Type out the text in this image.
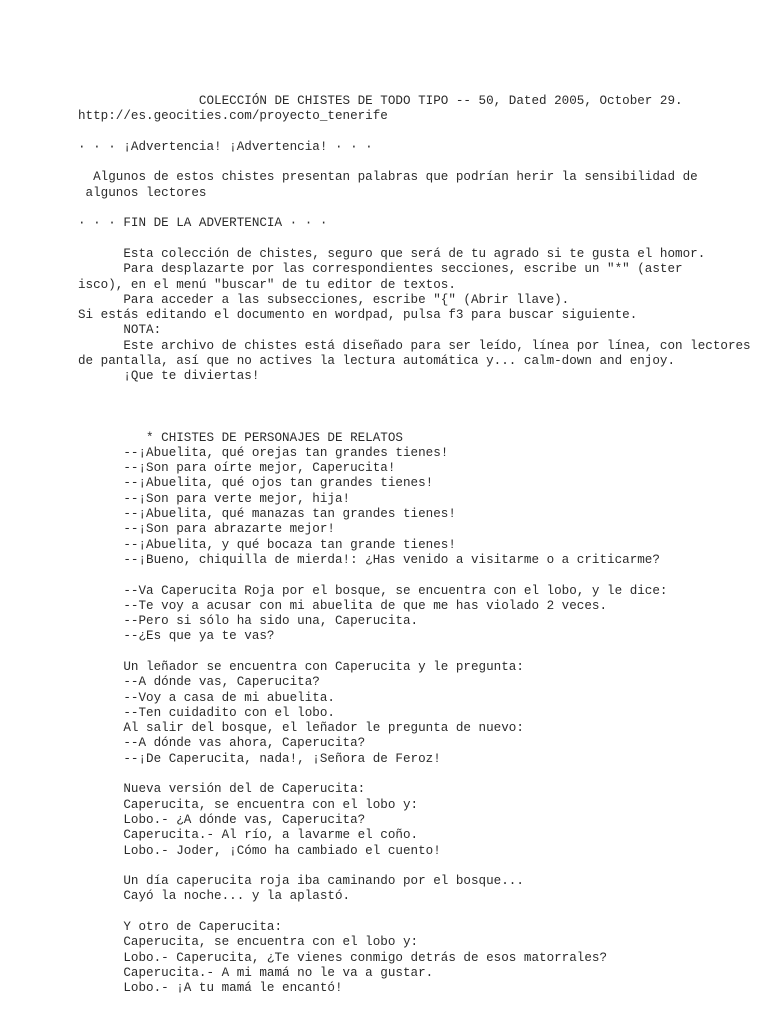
COLECCIÓN DE CHISTES DE TODO TIPO -- 50, Dated 2005, October 29.
http://es.geocities.com/proyecto_tenerife
· · · ¡Advertencia! ¡Advertencia! · · ·
Algunos de estos chistes presentan palabras que podrían herir la sensibilidad de
algunos lectores
· · · FIN DE LA ADVERTENCIA · · ·
Esta colección de chistes, seguro que será de tu agrado si te gusta el homor.
Para desplazarte por las correspondientes secciones, escribe un "*" (aster
isco), en el menú "buscar" de tu editor de textos.
Para acceder a las subsecciones, escribe "{" (Abrir llave).
Si estás editando el documento en wordpad, pulsa f3 para buscar siguiente.
NOTA:
Este archivo de chistes está diseñado para ser leído, línea por línea, con lectores
de pantalla, así que no actives la lectura automática y... calm-down and enjoy.
¡Que te diviertas!
* CHISTES DE PERSONAJES DE RELATOS
--¡Abuelita, qué orejas tan grandes tienes!
--¡Son para oírte mejor, Caperucita!
--¡Abuelita, qué ojos tan grandes tienes!
--¡Son para verte mejor, hija!
--¡Abuelita, qué manazas tan grandes tienes!
--¡Son para abrazarte mejor!
--¡Abuelita, y qué bocaza tan grande tienes!
--¡Bueno, chiquilla de mierda!: ¿Has venido a visitarme o a criticarme?
--Va Caperucita Roja por el bosque, se encuentra con el lobo, y le dice:
--Te voy a acusar con mi abuelita de que me has violado 2 veces.
--Pero si sólo ha sido una, Caperucita.
--¿Es que ya te vas?
Un leñador se encuentra con Caperucita y le pregunta:
--A dónde vas, Caperucita?
--Voy a casa de mi abuelita.
--Ten cuidadito con el lobo.
Al salir del bosque, el leñador le pregunta de nuevo:
--A dónde vas ahora, Caperucita?
--¡De Caperucita, nada!, ¡Señora de Feroz!
Nueva versión del de Caperucita:
Caperucita, se encuentra con el lobo y:
Lobo.- ¿A dónde vas, Caperucita?
Caperucita.- Al río, a lavarme el coño.
Lobo.- Joder, ¡Cómo ha cambiado el cuento!
Un día caperucita roja iba caminando por el bosque...
Cayó la noche... y la aplastó.
Y otro de Caperucita:
Caperucita, se encuentra con el lobo y:
Lobo.- Caperucita, ¿Te vienes conmigo detrás de esos matorrales?
Caperucita.- A mi mamá no le va a gustar.
Lobo.- ¡A tu mamá le encantó!
